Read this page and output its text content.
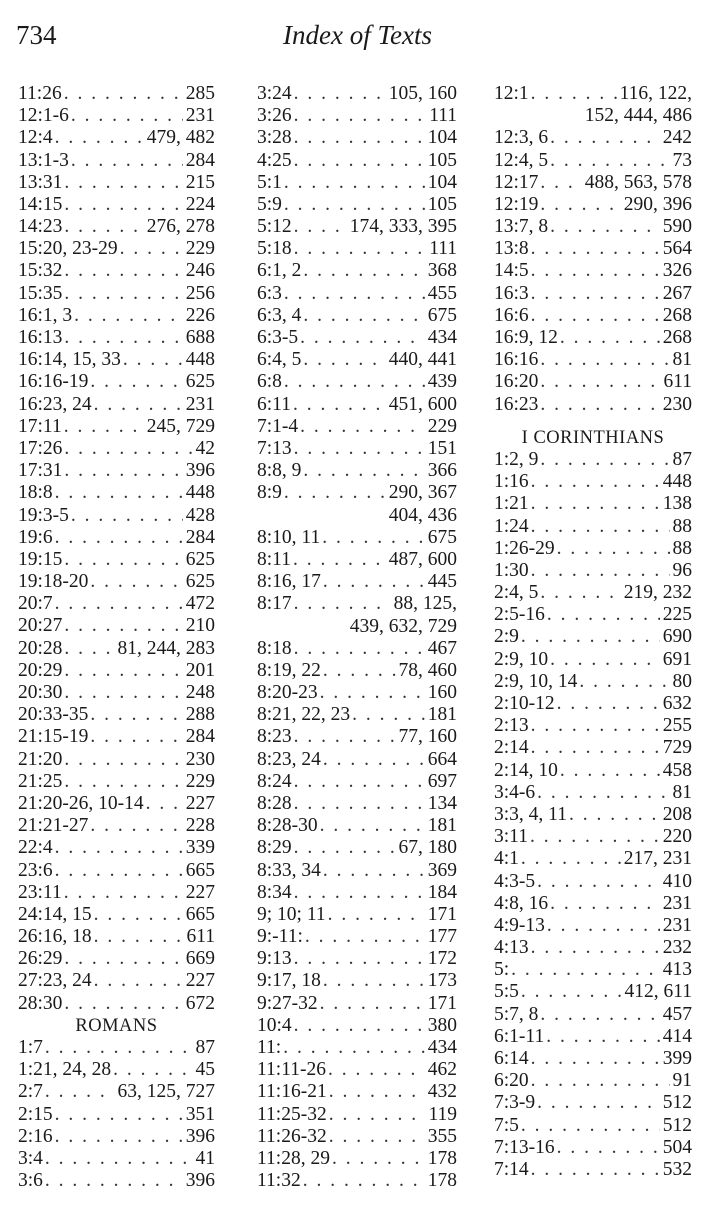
734	Index of Texts
11:26 . . .	285
12:1-6 . . .	231
12:4 . . .	479, 482
13:1-3 . . .	284
13:31 . . .	215
14:15 . . .	224
14:23 . . .	276, 278
15:20, 23-29 . . .	229
15:32 . . .	246
15:35 . . .	256
16:1, 3 . . .	226
16:13 . . .	688
16:14, 15, 33 . . .	448
16:16-19 . . .	625
16:23, 24 . . .	231
17:11 . . .	245, 729
17:26 . . .	42
17:31 . . .	396
18:8 . . .	448
19:3-5 . . .	428
19:6 . . .	284
19:15 . . .	625
19:18-20 . . .	625
20:7 . . .	472
20:27 . . .	210
20:28 . . .	81, 244, 283
20:29 . . .	201
20:30 . . .	248
20:33-35 . . .	288
21:15-19 . . .	284
21:20 . . .	230
21:25 . . .	229
21:20-26, 10-14 . . . 227
21:21-27 . . .	228
22:4 . . .	339
23:6 . . .	665
23:11 . . .	227
24:14, 15 . . .	665
26:16, 18 . . .	611
26:29 . . .	669
27:23, 24 . . .	227
28:30 . . .	672
ROMANS
1:7 . . .	87
1:21, 24, 28 . . .	45
2:7 . . .	63, 125, 727
2:15 . . .	351
2:16 . . .	396
3:4 . . .	41
3:6 . . .	396
3:24 . . .	105, 160
3:26 . . .	111
3:28 . . .	104
4:25 . . .	105
5:1 . . .	104
5:9 . . .	105
5:12 . . .	174, 333, 395
5:18 . . .	111
6:1, 2 . . .	368
6:3 . . .	455
6:3, 4 . . .	675
6:3-5 . . .	434
6:4, 5 . . .	440, 441
6:8 . . .	439
6:11 . . .	451, 600
7:1-4 . . .	229
7:13 . . .	151
8:8, 9 . . .	366
8:9 . . .	290, 367
404, 436
8:10, 11 . . .	675
8:11 . . .	487, 600
8:16, 17 . . .	445
8:17 . . .	88, 125,
439, 632, 729
8:18 . . .	467
8:19, 22 . . .	78, 460
8:20-23 . . .	160
8:21, 22, 23 . . .	181
8:23 . . .	77, 160
8:23, 24 . . .	664
8:24 . . .	697
8:28 . . .	134
8:28-30 . . .	181
8:29 . . .	67, 180
8:33, 34 . . .	369
8:34 . . .	184
9; 10; 11 . . .	171
9:-11: . . .	177
9:13 . . .	172
9:17, 18 . . .	173
9:27-32 . . .	171
10:4 . . .	380
11: . . .	434
11:11-26 . . .	462
11:16-21 . . .	432
11:25-32 . . .	119
11:26-32 . . .	355
11:28, 29 . . .	178
11:32 . . .	178
12:1 . . .	116, 122,
152, 444, 486
12:3, 6 . . .	242
12:4, 5 . . .	73
12:17 . . . 488, 563, 578
12:19 . . .	290, 396
13:7, 8 . . .	590
13:8 . . .	564
14:5 . . .	326
16:3 . . .	267
16:6 . . .	268
16:9, 12 . . .	268
16:16 . . .	81
16:20 . . .	611
16:23 . . .	230
I CORINTHIANS
1:2, 9 . . .	87
1:16 . . .	448
1:21 . . .	138
1:24 . . .	88
1:26-29 . . .	88
1:30 . . .	96
2:4, 5 . . .	219, 232
2:5-16 . . .	225
2:9 . . .	690
2:9, 10 . . .	691
2:9, 10, 14 . . .	80
2:10-12 . . .	632
2:13 . . .	255
2:14 . . .	729
2:14, 10 . . .	458
3:4-6 . . .	81
3:3, 4, 11 . . .	208
3:11 . . .	220
4:1 . . .	217, 231
4:3-5 . . .	410
4:8, 16 . . .	231
4:9-13 . . .	231
4:13 . . .	232
5: . . .	413
5:5 . . .	412, 611
5:7, 8 . . .	457
6:1-11 . . .	414
6:14 . . .	399
6:20 . . .	91
7:3-9 . . .	512
7:5 . . .	512
7:13-16 . . .	504
7:14 . . .	532
